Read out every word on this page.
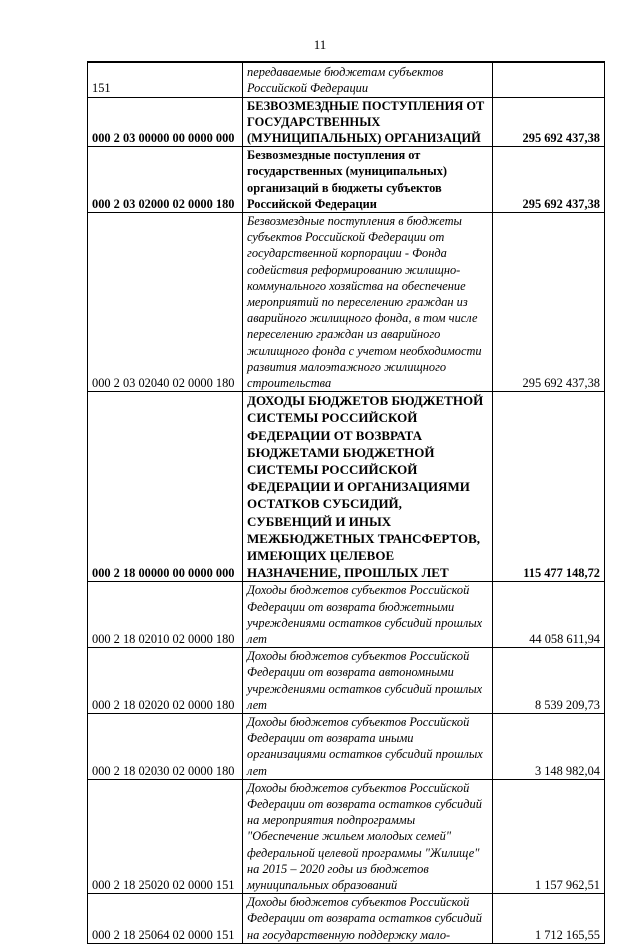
11
151	передаваемые бюджетам субъектов Российской Федерации	
000 2 03 00000 00 0000 000	БЕЗВОЗМЕЗДНЫЕ ПОСТУПЛЕНИЯ ОТ ГОСУДАРСТВЕННЫХ (МУНИЦИПАЛЬНЫХ) ОРГАНИЗАЦИЙ	295 692 437,38
000 2 03 02000 02 0000 180	Безвозмездные поступления от государственных (муниципальных) организаций в бюджеты субъектов Российской Федерации	295 692 437,38
000 2 03 02040 02 0000 180	Безвозмездные поступления в бюджеты субъектов Российской Федерации от государственной корпорации - Фонда содействия реформированию жилищно-коммунального хозяйства на обеспечение мероприятий по переселению граждан из аварийного жилищного фонда, в том числе переселению граждан из аварийного жилищного фонда с учетом необходимости развития малоэтажного жилищного строительства	295 692 437,38
000 2 18 00000 00 0000 000	ДОХОДЫ БЮДЖЕТОВ БЮДЖЕТНОЙ СИСТЕМЫ РОССИЙСКОЙ ФЕДЕРАЦИИ ОТ ВОЗВРАТА БЮДЖЕТАМИ БЮДЖЕТНОЙ СИСТЕМЫ РОССИЙСКОЙ ФЕДЕРАЦИИ И ОРГАНИЗАЦИЯМИ ОСТАТКОВ СУБСИДИЙ, СУБВЕНЦИЙ И ИНЫХ МЕЖБЮДЖЕТНЫХ ТРАНСФЕРТОВ, ИМЕЮЩИХ ЦЕЛЕВОЕ НАЗНАЧЕНИЕ, ПРОШЛЫХ ЛЕТ	115 477 148,72
000 2 18 02010 02 0000 180	Доходы бюджетов субъектов Российской Федерации от возврата бюджетными учреждениями остатков субсидий прошлых лет	44 058 611,94
000 2 18 02020 02 0000 180	Доходы бюджетов субъектов Российской Федерации от возврата автономными учреждениями остатков субсидий прошлых лет	8 539 209,73
000 2 18 02030 02 0000 180	Доходы бюджетов субъектов Российской Федерации от возврата иными организациями остатков субсидий прошлых лет	3 148 982,04
000 2 18 25020 02 0000 151	Доходы бюджетов субъектов Российской Федерации от возврата остатков субсидий на мероприятия подпрограммы "Обеспечение жильем молодых семей" федеральной целевой программы "Жилище" на 2015 – 2020 годы из бюджетов муниципальных образований	1 157 962,51
000 2 18 25064 02 0000 151	Доходы бюджетов субъектов Российской Федерации от возврата остатков субсидий на государственную поддержку мало-	1 712 165,55
